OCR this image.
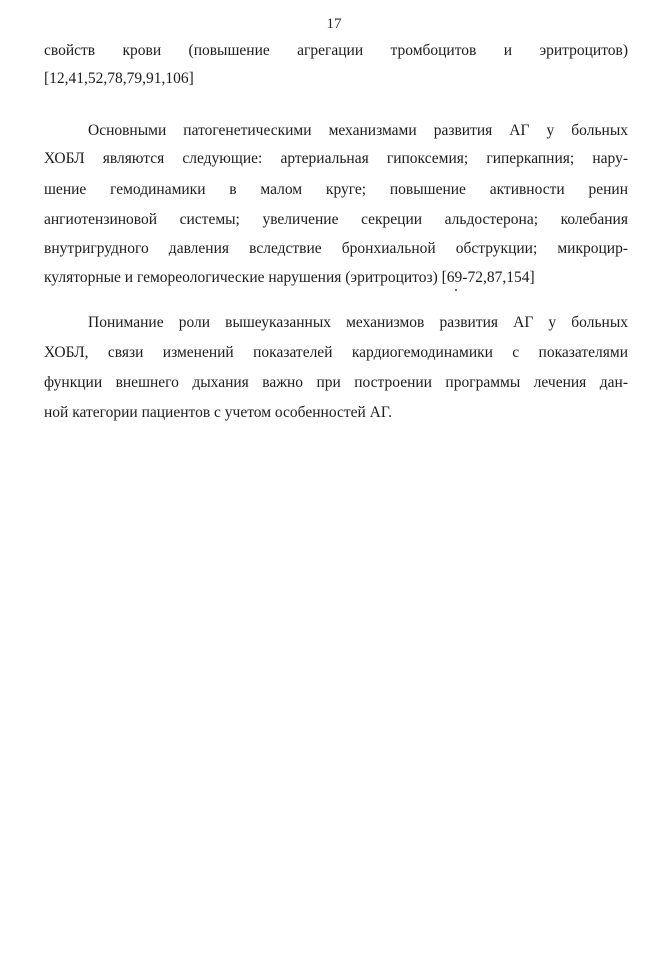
17
свойств крови (повышение агрегации тромбоцитов и эритроцитов)
[12,41,52,78,79,91,106]
Основными патогенетическими механизмами развития АГ у больных
ХОБЛ являются следующие: артериальная гипоксемия; гиперкапния; нару-
шение гемодинамики в малом круге; повышение активности ренин
ангиотензиновой системы; увеличение секреции альдостерона; колебания
внутригрудного давления вследствие бронхиальной обструкции; микроцир-
куляторные и гемореологические нарушения (эритроцитоз) [69-72,87,154]
Понимание роли вышеуказанных механизмов развития АГ у больных
ХОБЛ, связи изменений показателей кардиогемодинамики с показателями
функции внешнего дыхания важно при построении программы лечения дан-
ной категории пациентов с учетом особенностей АГ.
